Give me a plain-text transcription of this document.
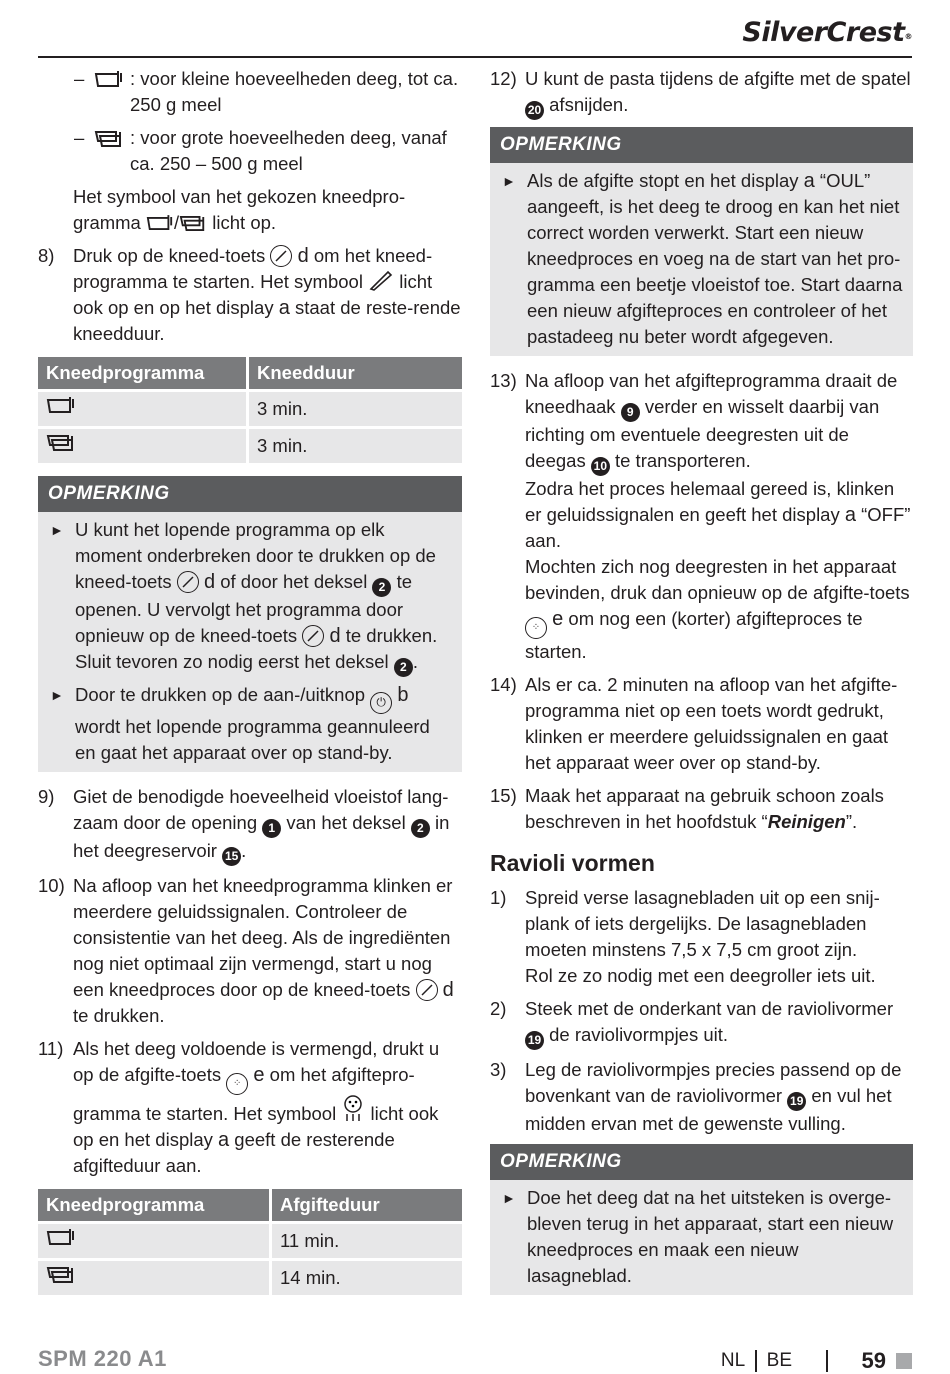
SilverCrest®
– : voor kleine hoeveelheden deeg, tot ca. 250 g meel
– : voor grote hoeveelheden deeg, vanaf ca. 250 – 500 g meel

Het symbool van het gekozen kneedpro-gramma / licht op.

8) Druk op de kneed-toets d om het kneed-programma te starten. Het symbool licht ook op en op het display a staat de reste-rende kneedduur.
Kneedprogramma	Kneedduur
	3 min.
	3 min.
OPMERKING
► U kunt het lopende programma op elk moment onderbreken door te drukken op de kneed-toets d of door het deksel 2 te openen. U vervolgt het programma door opnieuw op de kneed-toets d te drukken. Sluit tevoren zo nodig eerst het deksel 2 .
► Door te drukken op de aan-/uitknop ⏻ b wordt het lopende programma geannuleerd en gaat het apparaat over op stand-by.
9) Giet de benodigde hoeveelheid vloeistof lang-zaam door de opening 1 van het deksel 2 in het deegreservoir 15 .
10) Na afloop van het kneedprogramma klinken er meerdere geluidssignalen. Controleer de consistentie van het deeg. Als de ingrediënten nog niet optimaal zijn vermengd, start u nog een kneedproces door op de kneed-toets d te drukken.
11) Als het deeg voldoende is vermengd, drukt u op de afgifte-toets ⁘ e om het afgiftepro-gramma te starten. Het symbool licht ook op en het display a geeft de resterende afgifteduur aan.
Kneedprogramma	Afgifteduur
	11 min.
	14 min.
12) U kunt de pasta tijdens de afgifte met de spatel 20 afsnijden.
OPMERKING
► Als de afgifte stopt en het display a “OUL” aangeeft, is het deeg te droog en kan het niet correct worden verwerkt. Start een nieuw kneedproces en voeg na de start van het pro-gramma een beetje vloeistof toe. Start daarna een nieuw afgifteproces en controleer of het pastadeeg nu beter wordt afgegeven.
13) Na afloop van het afgifteprogramma draait de kneedhaak 9 verder en wisselt daarbij van richting om eventuele deegresten uit de deegas 10 te transporteren.
Zodra het proces helemaal gereed is, klinken er geluidssignalen en geeft het display a “OFF” aan.
Mochten zich nog deegresten in het apparaat bevinden, druk dan opnieuw op de afgifte-toets ⁘ e om nog een (korter) afgifteproces te starten.
14) Als er ca. 2 minuten na afloop van het afgifte-programma niet op een toets wordt gedrukt, klinken er meerdere geluidssignalen en gaat het apparaat weer over op stand-by.
15) Maak het apparaat na gebruik schoon zoals beschreven in het hoofdstuk “Reinigen”.
Ravioli vormen
1) Spreid verse lasagnebladen uit op een snij-plank of iets dergelijks. De lasagnebladen moeten minstens 7,5 x 7,5 cm groot zijn.
Rol ze zo nodig met een deegroller iets uit.
2) Steek met de onderkant van de raviolivormer 19 de raviolivormpjes uit.
3) Leg de raviolivormpjes precies passend op de bovenkant van de raviolivormer 19 en vul het midden ervan met de gewenste vulling.
OPMERKING
► Doe het deeg dat na het uitsteken is overge-bleven terug in het apparaat, start een nieuw kneedproces en maak een nieuw lasagneblad.
SPM 220 A1	NL BE	59
